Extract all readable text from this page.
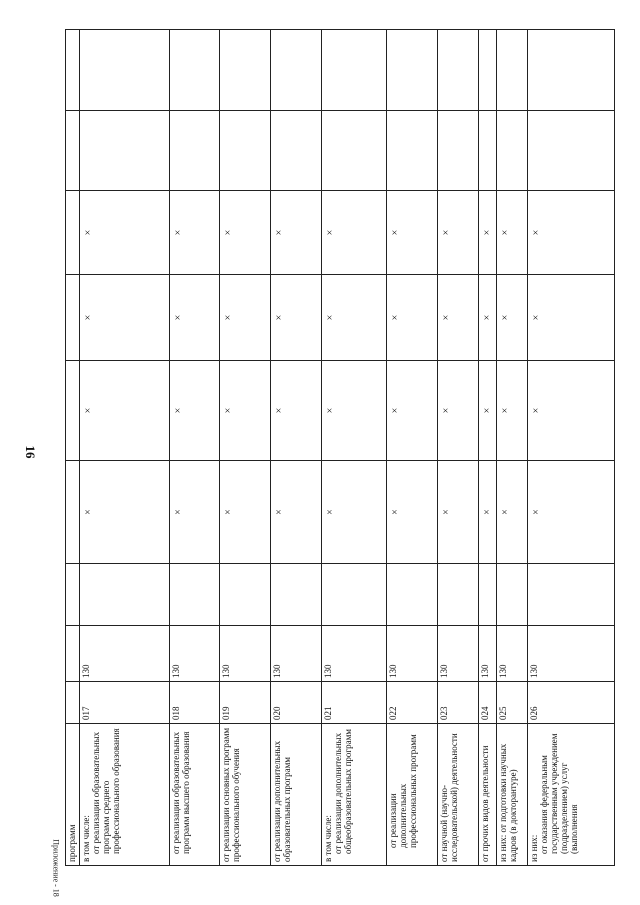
16
Приложение - 18 программ									

в том числе: от реализации образовательных программ среднего профессионального образования	017	130		×	×	×	×		

от реализации образовательных программ высшего образования	018	130		×	×	×	×		

от реализации основных программ профессионального обучения	019	130		×	×	×	×		

от реализации дополнительных образовательных программ	020	130		×	×	×	×		

в том числе: от реализации дополнительных общеобразовательных программ	021	130		×	×	×	×		

от реализации дополнительных профессиональных программ	022	130		×	×	×	×		

от научной (научно-исследовательской) деятельности	023	130		×	×	×	×		

от прочих видов деятельности	024	130		×	×	×	×		

из них: от подготовки научных кадров (в докторантуре)	025	130		×	×	×	×		

из них: от оказания федеральным государственным учреждением (подразделением) услуг (выполнения	026	130		×	×	×	×		
